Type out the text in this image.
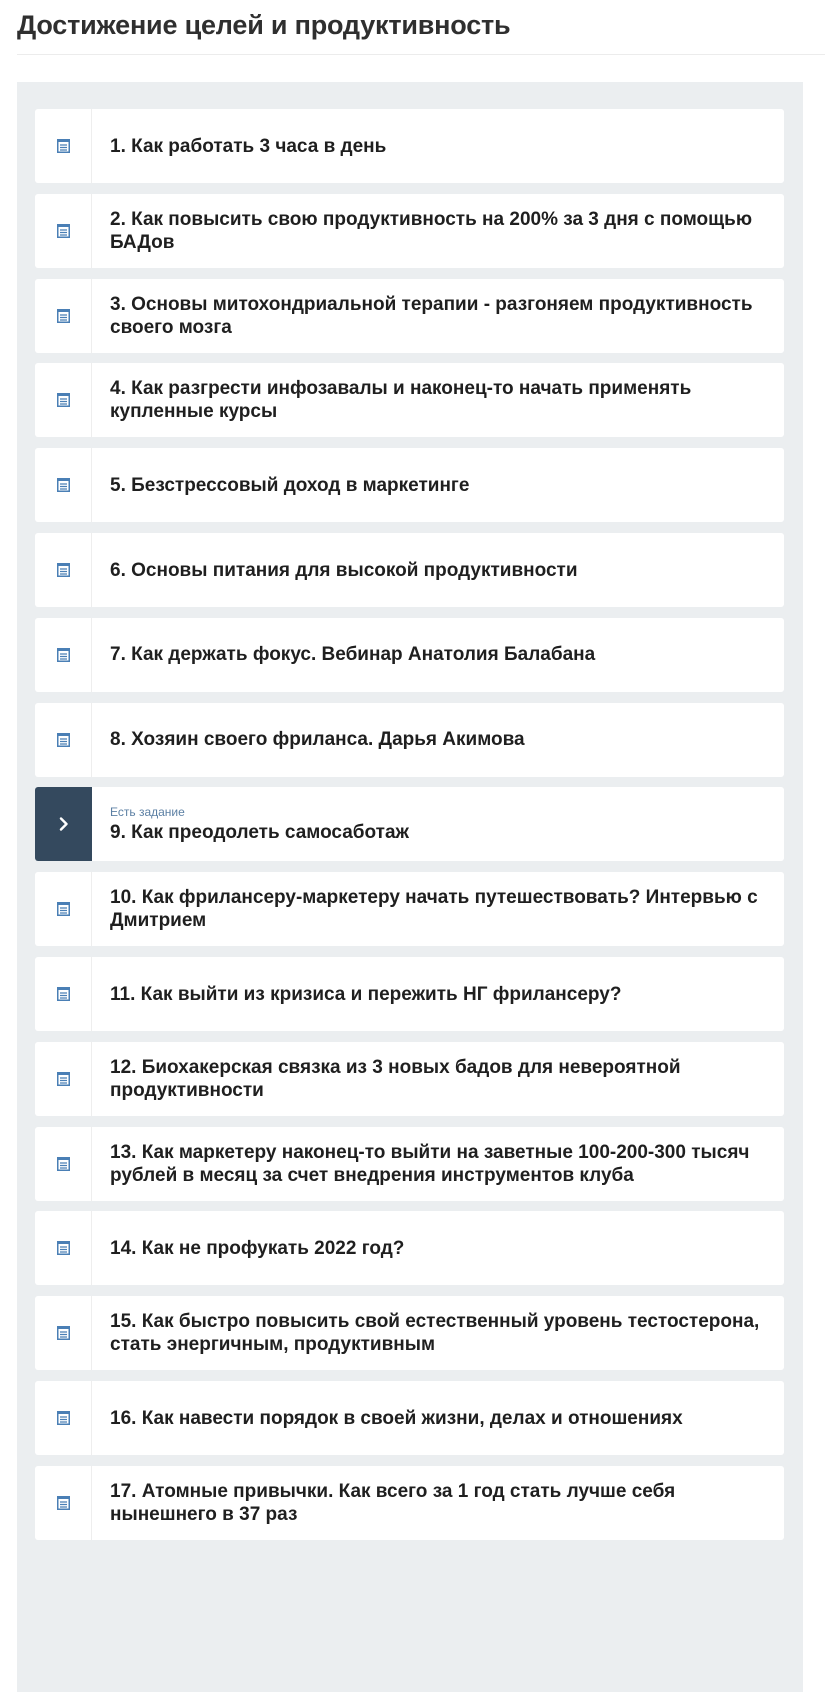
Достижение целей и продуктивность
1. Как работать 3 часа в день
2. Как повысить свою продуктивность на 200% за 3 дня с помощью БАДов
3. Основы митохондриальной терапии - разгоняем продуктивность своего мозга
4. Как разгрести инфозавалы и наконец-то начать применять купленные курсы
5. Безстрессовый доход в маркетинге
6. Основы питания для высокой продуктивности
7. Как держать фокус. Вебинар Анатолия Балабана
8. Хозяин своего фриланса. Дарья Акимова
Есть задание
9. Как преодолеть самосаботаж
10. Как фрилансеру-маркетеру начать путешествовать? Интервью с Дмитрием
11. Как выйти из кризиса и пережить НГ фрилансеру?
12. Биохакерская связка из 3 новых бадов для невероятной продуктивности
13. Как маркетеру наконец-то выйти на заветные 100-200-300 тысяч рублей в месяц за счет внедрения инструментов клуба
14. Как не профукать 2022 год?
15. Как быстро повысить свой естественный уровень тестостерона, стать энергичным, продуктивным
16. Как навести порядок в своей жизни, делах и отношениях
17. Атомные привычки. Как всего за 1 год стать лучше себя нынешнего в 37 раз
